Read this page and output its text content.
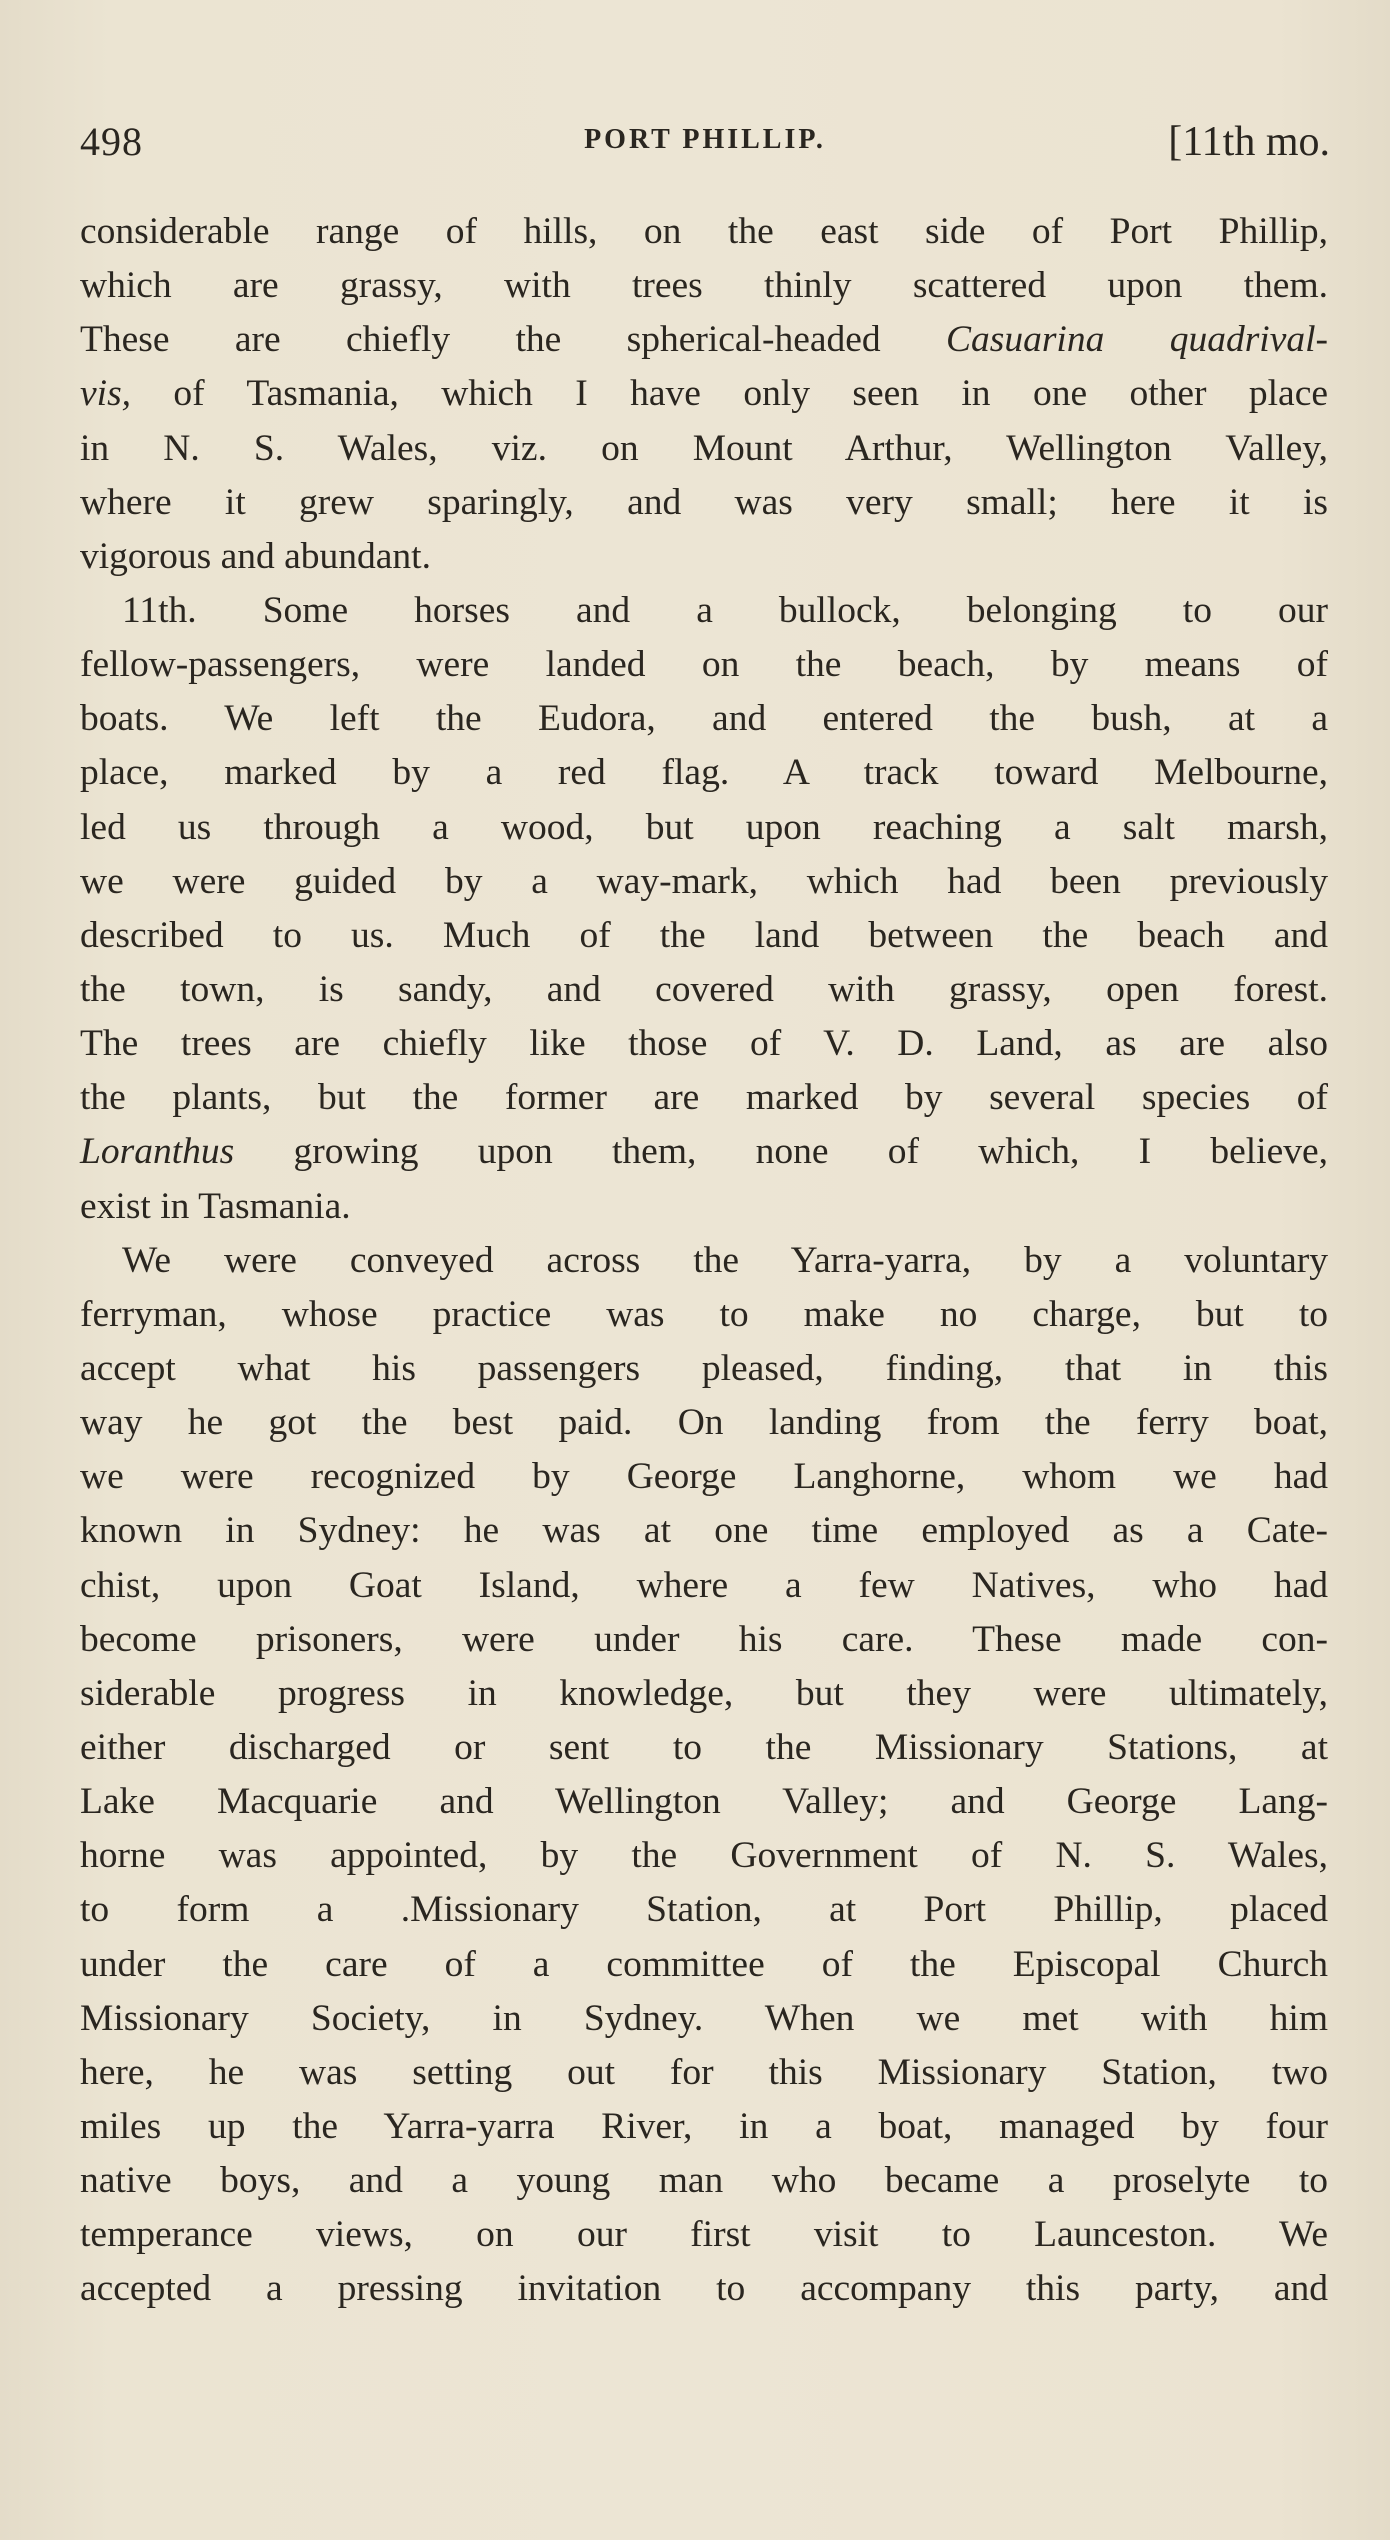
498	PORT PHILLIP.	[11th mo.
considerable range of hills, on the east side of Port Phillip,
which are grassy, with trees thinly scattered upon them.
These are chiefly the spherical-headed Casuarina quadrival-
vis, of Tasmania, which I have only seen in one other place
in N. S. Wales, viz. on Mount Arthur, Wellington Valley,
where it grew sparingly, and was very small; here it is
vigorous and abundant.
11th. Some horses and a bullock, belonging to our
fellow-passengers, were landed on the beach, by means of
boats. We left the Eudora, and entered the bush, at a
place, marked by a red flag. A track toward Melbourne,
led us through a wood, but upon reaching a salt marsh,
we were guided by a way-mark, which had been previously
described to us. Much of the land between the beach and
the town, is sandy, and covered with grassy, open forest.
The trees are chiefly like those of V. D. Land, as are also
the plants, but the former are marked by several species of
Loranthus growing upon them, none of which, I believe,
exist in Tasmania.
We were conveyed across the Yarra-yarra, by a voluntary
ferryman, whose practice was to make no charge, but to
accept what his passengers pleased, finding, that in this
way he got the best paid. On landing from the ferry boat,
we were recognized by George Langhorne, whom we had
known in Sydney: he was at one time employed as a Cate-
chist, upon Goat Island, where a few Natives, who had
become prisoners, were under his care. These made con-
siderable progress in knowledge, but they were ultimately,
either discharged or sent to the Missionary Stations, at
Lake Macquarie and Wellington Valley; and George Lang-
horne was appointed, by the Government of N. S. Wales,
to form a .Missionary Station, at Port Phillip, placed
under the care of a committee of the Episcopal Church
Missionary Society, in Sydney. When we met with him
here, he was setting out for this Missionary Station, two
miles up the Yarra-yarra River, in a boat, managed by four
native boys, and a young man who became a proselyte to
temperance views, on our first visit to Launceston. We
accepted a pressing invitation to accompany this party, and
